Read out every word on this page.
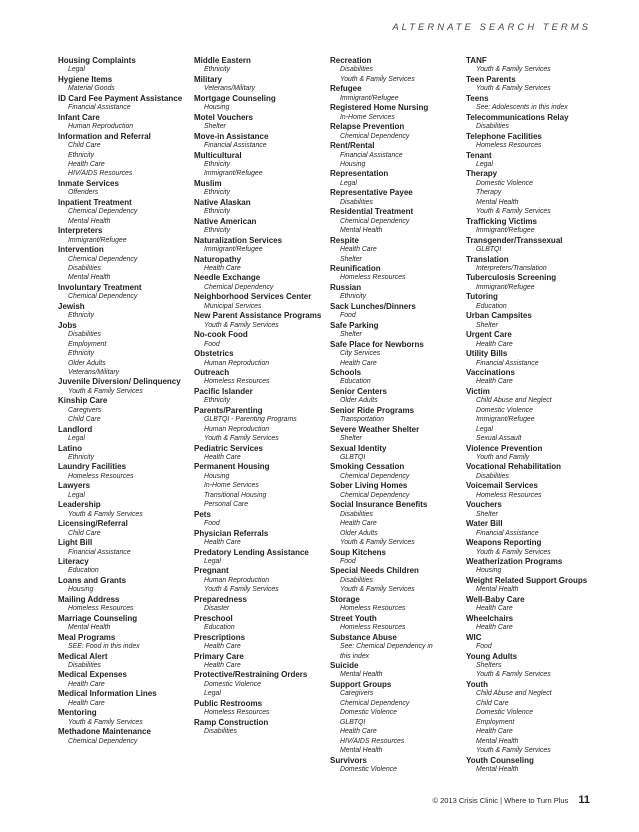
ALTERNATE SEARCH TERMS
Housing Complaints
Legal
Hygiene Items
Material Goods
ID Card Fee Payment Assistance
Financial Assistance
Infant Care
Human Reproduction
Information and Referral
Child Care
Ethnicity
Health Care
HIV/AIDS Resources
Inmate Services
Offenders
Inpatient Treatment
Chemical Dependency
Mental Health
Interpreters
Immigrant/Refugee
Intervention
Chemical Dependency
Disabilities
Mental Health
Involuntary Treatment
Chemical Dependency
Jewish
Ethnicity
Jobs
Disabilities
Employment
Ethnicity
Older Adults
Veterans/Military
Juvenile Diversion/ Delinquency
Youth & Family Services
Kinship Care
Caregivers
Child Care
Landlord
Legal
Latino
Ethnicity
Laundry Facilities
Homeless Resources
Lawyers
Legal
Leadership
Youth & Family Services
Licensing/Referral
Child Care
Light Bill
Financial Assistance
Literacy
Education
Loans and Grants
Housing
Mailing Address
Homeless Resources
Marriage Counseling
Mental Health
Meal Programs
SEE: Food in this index
Medical Alert
Disabilities
Medical Expenses
Health Care
Medical Information Lines
Health Care
Mentoring
Youth & Family Services
Methadone Maintenance
Chemical Dependency
Middle Eastern
Ethnicity
Military
Veterans/Military
Mortgage Counseling
Housing
Motel Vouchers
Shelter
Move-in Assistance
Financial Assistance
Multicultural
Ethnicity
Immigrant/Refugee
Muslim
Ethnicity
Native Alaskan
Ethnicity
Native American
Ethnicity
Naturalization Services
Immigrant/Refugee
Naturopathy
Health Care
Needle Exchange
Chemical Dependency
Neighborhood Services Center
Municipal Services
New Parent Assistance Programs
Youth & Family Services
No-cook Food
Food
Obstetrics
Human Reproduction
Outreach
Homeless Resources
Pacific Islander
Ethnicity
Parents/Parenting
GLBTQI - Parenting Programs
Human Reproduction
Youth & Family Services
Pediatric Services
Health Care
Permanent Housing
Housing
In-Home Services
Transitional Housing
Personal Care
Pets
Food
Physician Referrals
Health Care
Predatory Lending Assistance
Legal
Pregnant
Human Reproduction
Youth & Family Services
Preparedness
Disaster
Preschool
Education
Prescriptions
Health Care
Primary Care
Health Care
Protective/Restraining Orders
Domestic Violence
Legal
Public Restrooms
Homeless Resources
Ramp Construction
Disabilities
Recreation
Disabilities
Youth & Family Services
Refugee
Immigrant/Refugee
Registered Home Nursing
In-Home Services
Relapse Prevention
Chemical Dependency
Rent/Rental
Financial Assistance
Housing
Representation
Legal
Representative Payee
Disabilities
Residential Treatment
Chemical Dependency
Mental Health
Respite
Health Care
Shelter
Reunification
Homeless Resources
Russian
Ethnicity
Sack Lunches/Dinners
Food
Safe Parking
Shelter
Safe Place for Newborns
City Services
Health Care
Schools
Education
Senior Centers
Older Adults
Senior Ride Programs
Transportation
Severe Weather Shelter
Shelter
Sexual Identity
GLBTQI
Smoking Cessation
Chemical Dependency
Sober Living Homes
Chemical Dependency
Social Insurance Benefits
Disabilities
Health Care
Older Adults
Youth & Family Services
Soup Kitchens
Food
Special Needs Children
Disabilities
Youth & Family Services
Storage
Homeless Resources
Street Youth
Homeless Resources
Substance Abuse
See: Chemical Dependency in
this index
Suicide
Mental Health
Support Groups
Caregivers
Chemical Dependency
Domestic Violence
GLBTQI
Health Care
HIV/AIDS Resources
Mental Health
Survivors
Domestic Violence
TANF
Youth & Family Services
Teen Parents
Youth & Family Services
Teens
See: Adolescents in this index
Telecommunications Relay
Disabilities
Telephone Facilities
Homeless Resources
Tenant
Legal
Therapy
Domestic Violence
Therapy
Mental Health
Youth & Family Services
Trafficking Victims
Immigrant/Refugee
Transgender/Transsexual
GLBTQI
Translation
Interpreters/Translation
Tuberculosis Screening
Immigrant/Refugee
Tutoring
Education
Urban Campsites
Shelter
Urgent Care
Health Care
Utility Bills
Financial Assistance
Vaccinations
Health Care
Victim
Child Abuse and Neglect
Domestic Violence
Immigrant/Refugee
Legal
Sexual Assault
Violence Prevention
Youth and Family
Vocational Rehabilitation
Disabilities
Voicemail Services
Homeless Resources
Vouchers
Shelter
Water Bill
Financial Assistance
Weapons Reporting
Youth & Family Services
Weatherization Programs
Housing
Weight Related Support Groups
Mental Health
Well-Baby Care
Health Care
Wheelchairs
Health Care
WIC
Food
Young Adults
Shelters
Youth & Family Services
Youth
Child Abuse and Neglect
Child Care
Domestic Violence
Employment
Health Care
Mental Health
Youth & Family Services
Youth Counseling
Mental Health
© 2013 Crisis Clinic | Where to Turn Plus 11
